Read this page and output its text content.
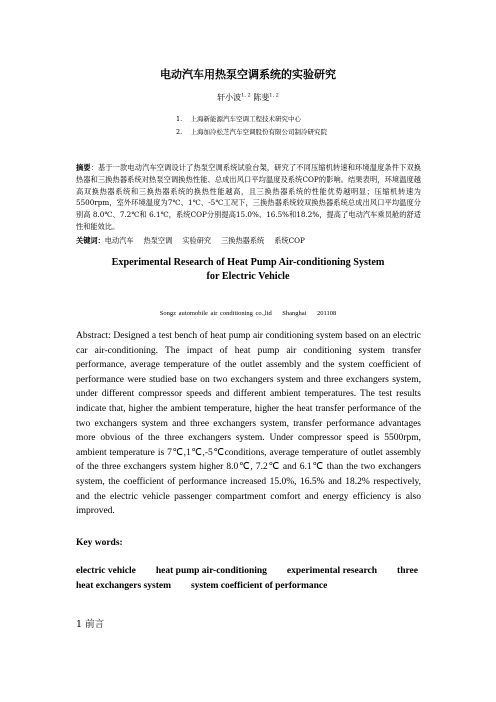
电动汽车用热泵空调系统的实验研究
轩小波$^{1, 2}$ 陈斐$^{1, 2}$
1.    上海新能源汽车空调工程技术研究中心
2.    上海加冷松芝汽车空调股份有限公司制冷研究院
摘要：基于一款电动汽车空调设计了热泵空调系统试验台架，研究了不同压缩机转速和环境温度条件下双换热器和三换热器系统对热泵空调换热性能、总成出风口平均温度及系统COP的影响。结果表明，环境温度越高双换热器系统和三换热器系统的换热性能越高，且三换热器系统的性能优势越明显；压缩机转速为5500rpm，室外环境温度为7℃、1℃、-5℃工况下，三换热器系统较双换热器系统总成出风口平均温度分别高 8.0℃、7.2℃和 6.1℃，系统COP分别提高15.0%、16.5%和18.2%，提高了电动汽车乘员舱的舒适性和能效比。
关键词：电动汽车 热泵空调 实验研究 三换热器系统 系统COP
Experimental Research of Heat Pump Air-conditioning System
for Electric Vehicle
Songz automobile air conditioning co.,ltd    Shanghai    201108
Abstract: Designed a test bench of heat pump air conditioning system based on an electric car air-conditioning. The impact of heat pump air conditioning system transfer performance, average temperature of the outlet assembly and the system coefficient of performance were studied base on two exchangers system and three exchangers system, under different compressor speeds and different ambient temperatures. The test results indicate that, higher the ambient temperature, higher the heat transfer performance of the two exchangers system and three exchangers system, transfer performance advantages more obvious of the three exchangers system. Under compressor speed is 5500rpm, ambient temperature is 7℃,1℃,-5℃conditions, average temperature of outlet assembly of the three exchangers system higher 8.0℃, 7.2℃ and 6.1℃ than the two exchangers system, the coefficient of performance increased 15.0%, 16.5% and 18.2% respectively, and the electric vehicle passenger compartment comfort and energy efficiency is also improved.
Key words:
electric vehicle heat pump air-conditioning experimental research three heat exchangers system system coefficient of performance
1 前言
